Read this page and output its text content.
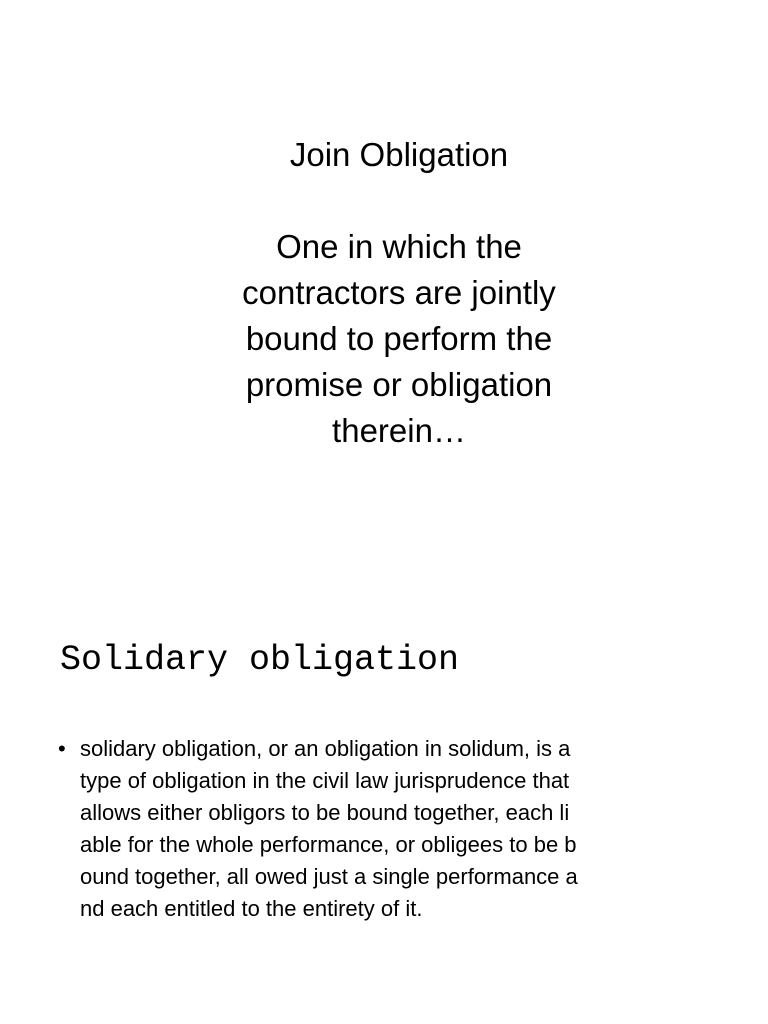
Join Obligation
One in which the
contractors are jointly
bound to perform the
promise or obligation
therein…
Solidary obligation
• solidary obligation, or an obligation in solidum, is a
type of obligation in the civil law jurisprudence that
allows either obligors to be bound together, each li
able for the whole performance, or obligees to be b
ound together, all owed just a single performance a
nd each entitled to the entirety of it.
